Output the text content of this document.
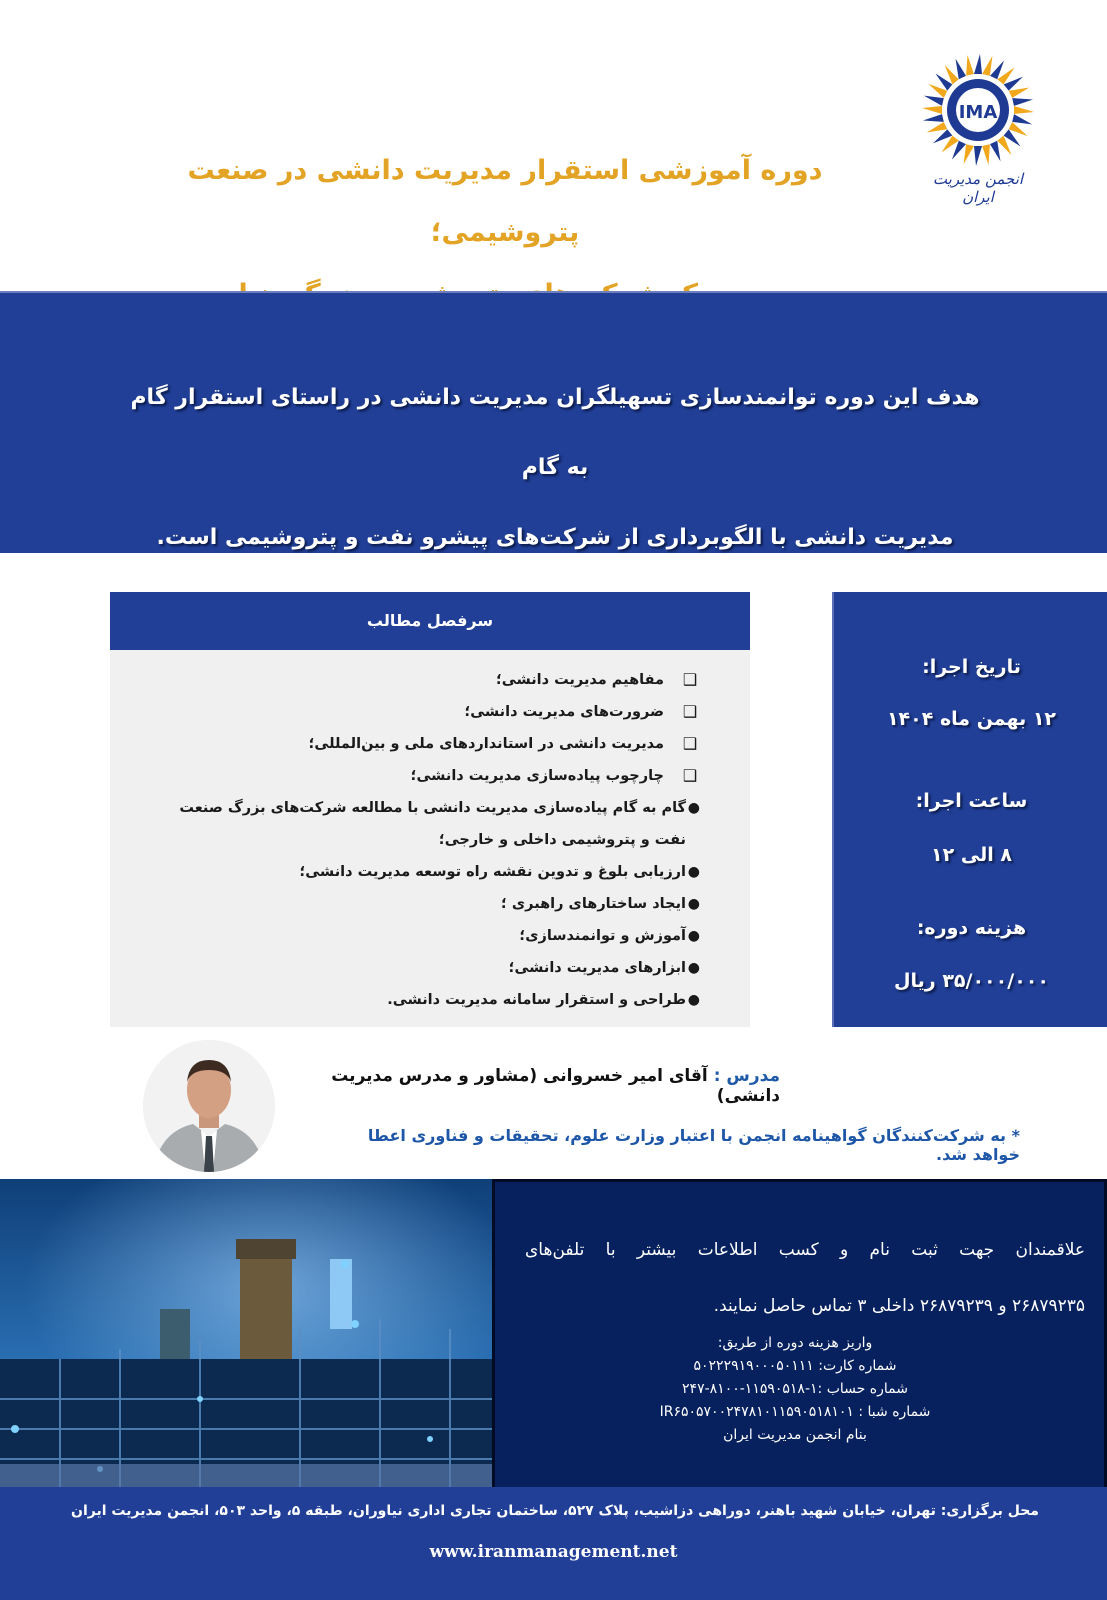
IMA
انجمن مدیریت ایران
دوره آموزشی استقرار مدیریت دانشی در صنعت پتروشیمی؛
هدف این دوره توانمندسازی تسهیلگران مدیریت دانشی در راستای استقرار گام به گام
مدیریت دانشی با الگوبرداری از شرکت‌های پیشرو نفت و پتروشیمی است.
سرفصل مطالب
❑
مفاهیم مدیریت دانشی؛
❑
ضرورت‌های مدیریت دانشی؛
❑
مدیریت دانشی در استانداردهای ملی و بین‌المللی؛
❑
چارچوب پیاده‌سازی مدیریت دانشی؛
●
گام به گام پیاده‌سازی مدیریت دانشی با مطالعه شرکت‌های بزرگ صنعت نفت و پتروشیمی داخلی و خارجی؛
●
ارزیابی بلوغ و تدوین نقشه راه توسعه مدیریت دانشی؛
●
ایجاد ساختارهای راهبری ؛
●
آموزش و توانمندسازی؛
●
ابزارهای مدیریت دانشی؛
●
طراحی و استقرار سامانه مدیریت دانشی.
تاریخ اجرا:
۱۲ بهمن ماه ۱۴۰۴
ساعت اجرا:
۸ الی ۱۲
هزینه دوره:
۳۵/۰۰۰/۰۰۰ ریال
مدرس : آقای امیر خسروانی (مشاور و مدرس مدیریت دانشی)
* به شرکت‌کنندگان گواهینامه انجمن با اعتبار وزارت علوم، تحقیقات و فناوری اعطا خواهد شد.
علاقمندان جهت ثبت نام و کسب اطلاعات بیشتر با تلفن‌های
۲۶۸۷۹۲۳۵ و ۲۶۸۷۹۲۳۹ داخلی ۳ تماس حاصل نمایند.
واریز هزینه دوره از طریق:
شماره کارت: ۵۰۲۲۲۹۱۹۰۰۰۵۰۱۱۱
شماره حساب :۱-۱۱۵۹۰۵۱۸-۸۱۰۰-۲۴۷
شماره شبا : IR۶۵۰۵۷۰۰۲۴۷۸۱۰۱۱۵۹۰۵۱۸۱۰۱
بنام انجمن مدیریت ایران
محل برگزاری: تهران، خیابان شهید باهنر، دوراهی دزاشیب، پلاک ۵۲۷، ساختمان تجاری اداری نیاوران، طبقه ۵، واحد ۵۰۳، انجمن مدیریت ایران
www.iranmanagement.net
